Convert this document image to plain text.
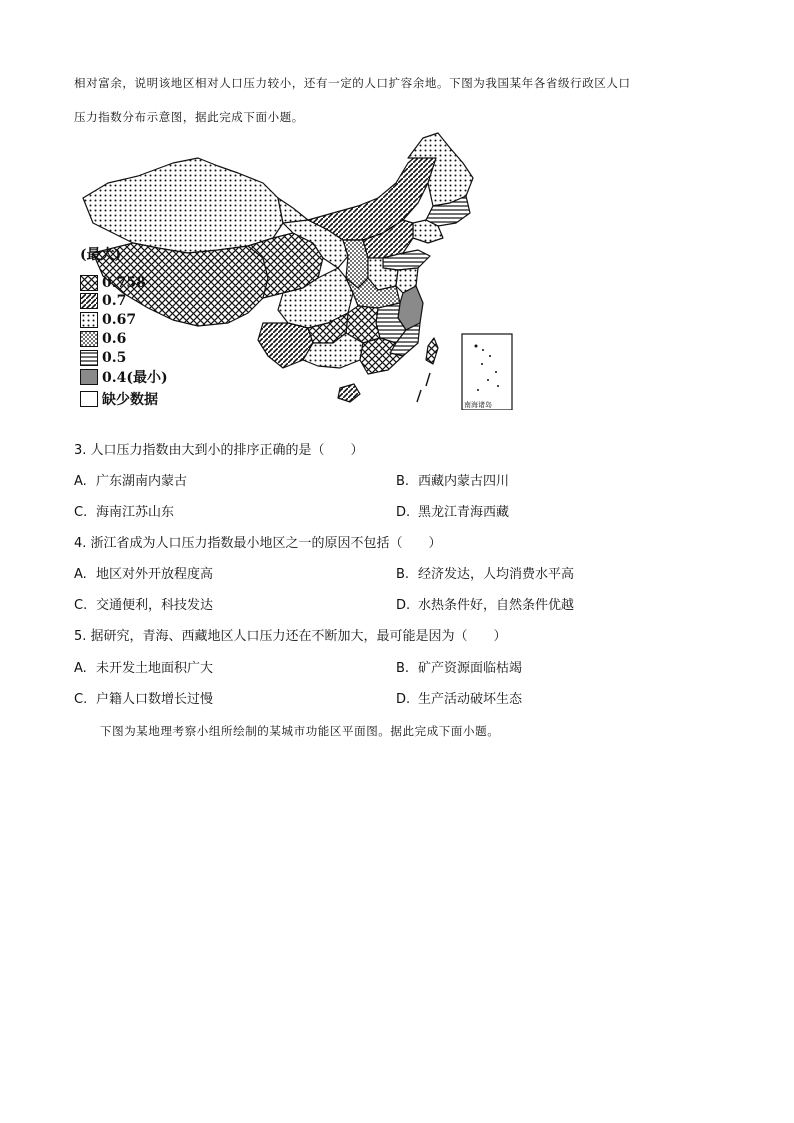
相对富余，说明该地区相对人口压力较小，还有一定的人口扩容余地。下图为我国某年各省级行政区人口

压力指数分布示意图，据此完成下面小题。

南海诸岛
(最大)
0.758
0.7
0.67
0.6
0.5
0.4(最小)
缺少数据
3. 人口压力指数由大到小的排序正确的是（　　）
A. 广东湖南内蒙古	B. 西藏内蒙古四川
C. 海南江苏山东	D. 黑龙江青海西藏
4. 浙江省成为人口压力指数最小地区之一的原因不包括（　　）
A. 地区对外开放程度高	B. 经济发达，人均消费水平高
C. 交通便利，科技发达	D. 水热条件好，自然条件优越
5. 据研究，青海、西藏地区人口压力还在不断加大，最可能是因为（　　）
A. 未开发土地面积广大	B. 矿产资源面临枯竭
C. 户籍人口数增长过慢	D. 生产活动破坏生态
下图为某地理考察小组所绘制的某城市功能区平面图。据此完成下面小题。
